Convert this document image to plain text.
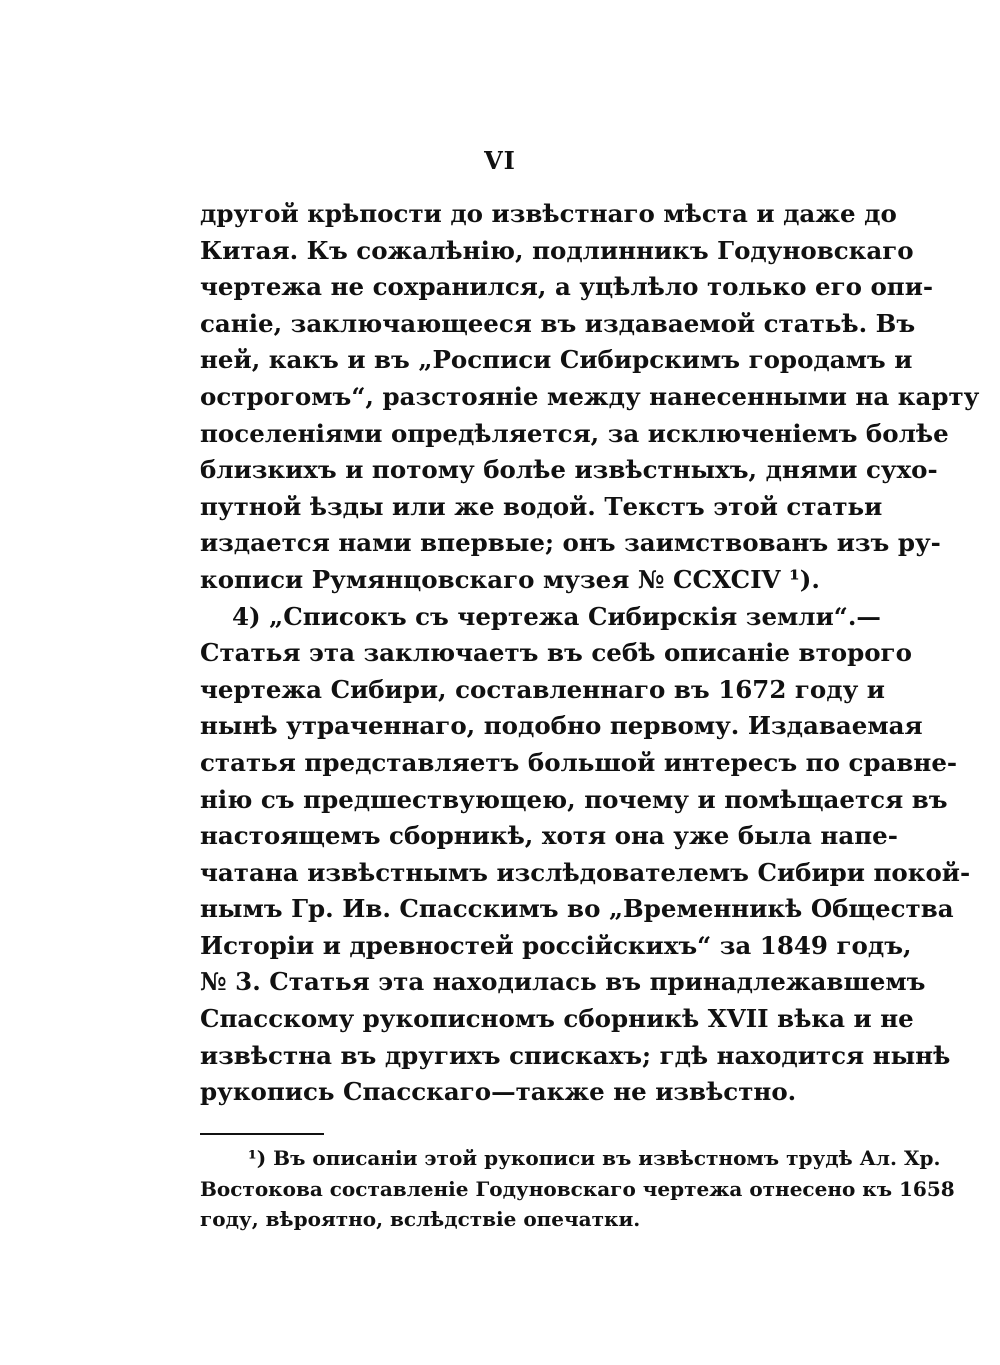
VI
другой крѣпости до извѣстнаго мѣста и даже до
Китая. Къ сожалѣнію, подлинникъ Годуновскаго
чертежа не сохранился, а уцѣлѣло только его опи-
саніе, заключающееся въ издаваемой статьѣ. Въ
ней, какъ и въ „Росписи Сибирскимъ городамъ и
острогомъ“, разстояніе между нанесенными на карту
поселеніями опредѣляется, за исключеніемъ болѣе
близкихъ и потому болѣе извѣстныхъ, днями сухо-
путной ѣзды или же водой. Текстъ этой статьи
издается нами впервые; онъ заимствованъ изъ ру-
кописи Румянцовскаго музея № CCXCIV ¹).
4) „Списокъ съ чертежа Сибирскія земли“.—
Статья эта заключаетъ въ себѣ описаніе второго
чертежа Сибири, составленнаго въ 1672 году и
нынѣ утраченнаго, подобно первому. Издаваемая
статья представляетъ большой интересъ по сравне-
нію съ предшествующею, почему и помѣщается въ
настоящемъ сборникѣ, хотя она уже была напе-
чатана извѣстнымъ изслѣдователемъ Сибири покой-
нымъ Гр. Ив. Спасскимъ во „Временникѣ Общества
Исторіи и древностей россійскихъ“ за 1849 годъ,
№ 3. Статья эта находилась въ принадлежавшемъ
Спасскому рукописномъ сборникѣ XVII вѣка и не
извѣстна въ другихъ спискахъ; гдѣ находится нынѣ
рукопись Спасскаго—также не извѣстно.
¹) Въ описаніи этой рукописи въ извѣстномъ трудѣ Ал. Хр.
Востокова составленіе Годуновскаго чертежа отнесено къ 1658
году, вѣроятно, вслѣдствіе опечатки.
